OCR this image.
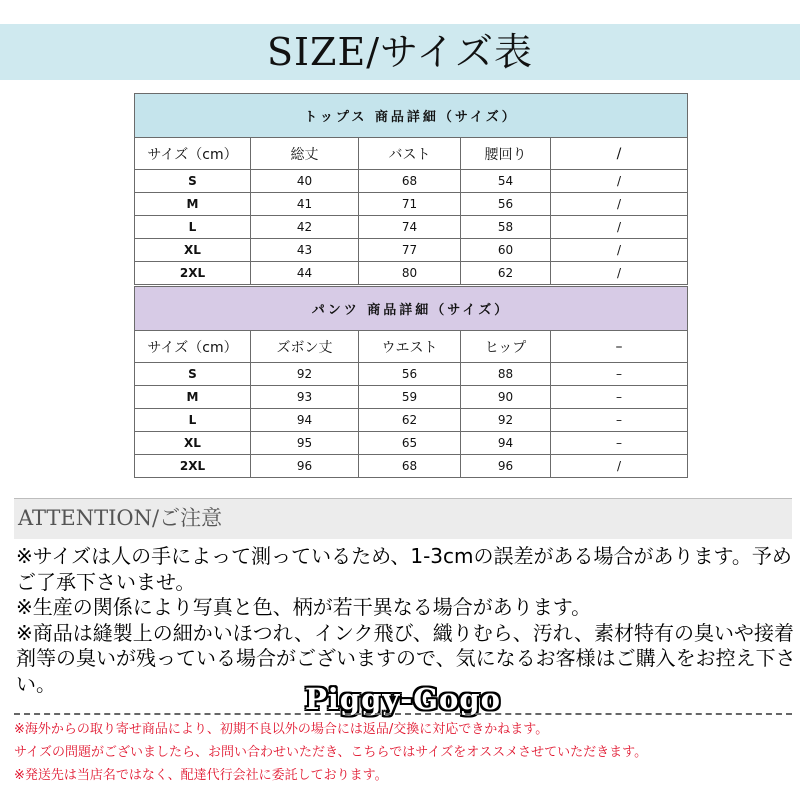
SIZE/サイズ表
トップス 商品詳細（サイズ）				
サイズ（cm）	総丈	バスト	腰回り	/
S	40	68	54	/
M	41	71	56	/
L	42	74	58	/
XL	43	77	60	/
2XL	44	80	62	/
パンツ 商品詳細（サイズ）				
サイズ（cm）	ズボン丈	ウエスト	ヒップ	–
S	92	56	88	–
M	93	59	90	–
L	94	62	92	–
XL	95	65	94	–
2XL	96	68	96	/
ATTENTION/ご注意

※サイズは人の手によって測っているため、1-3cmの誤差がある場合があります。予めご了承下さいませ。

※生産の関係により写真と色、柄が若干異なる場合があります。

※商品は縫製上の細かいほつれ、インク飛び、織りむら、汚れ、素材特有の臭いや接着剤等の臭いが残っている場合がございますので、気になるお客様はご購入をお控え下さい。	Piggy-Gogo

※海外からの取り寄せ商品により、初期不良以外の場合には返品/交換に対応できかねます。

サイズの問題がございましたら、お問い合わせいただき、こちらではサイズをオススメさせていただきます。

※発送先は当店名ではなく、配達代行会社に委託しております。
